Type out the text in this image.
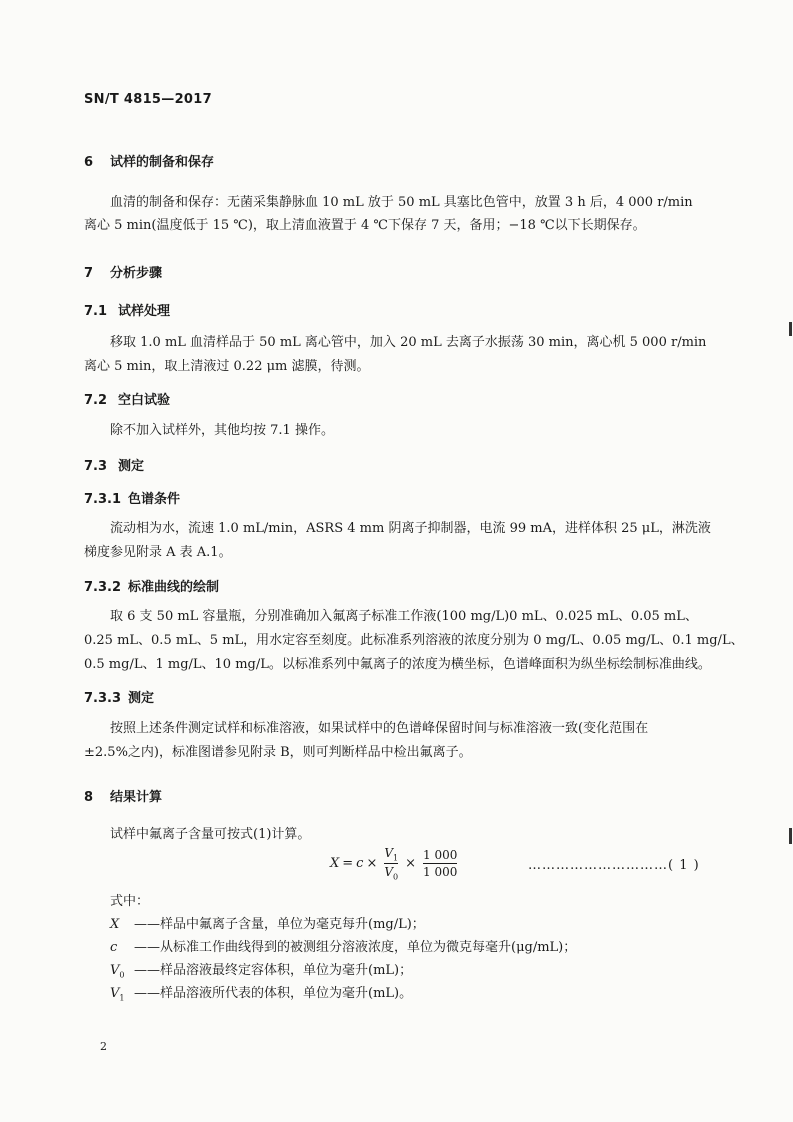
SN/T 4815—2017
6 试样的制备和保存
血清的制备和保存：无菌采集静脉血 10 mL 放于 50 mL 具塞比色管中，放置 3 h 后，4 000 r/min
离心 5 min(温度低于 15 ℃)，取上清血液置于 4 ℃下保存 7 天，备用；−18 ℃以下长期保存。
7 分析步骤
7.1 试样处理
移取 1.0 mL 血清样品于 50 mL 离心管中，加入 20 mL 去离子水振荡 30 min，离心机 5 000 r/min
离心 5 min，取上清液过 0.22 μm 滤膜，待测。
7.2 空白试验
除不加入试样外，其他均按 7.1 操作。
7.3 测定
7.3.1 色谱条件
流动相为水，流速 1.0 mL/min，ASRS 4 mm 阴离子抑制器，电流 99 mA，进样体积 25 μL，淋洗液
梯度参见附录 A 表 A.1。
7.3.2 标准曲线的绘制
取 6 支 50 mL 容量瓶，分别准确加入氟离子标准工作液(100 mg/L)0 mL、0.025 mL、0.05 mL、
0.25 mL、0.5 mL、5 mL，用水定容至刻度。此标准系列溶液的浓度分别为 0 mg/L、0.05 mg/L、0.1 mg/L、
0.5 mg/L、1 mg/L、10 mg/L。以标准系列中氟离子的浓度为横坐标，色谱峰面积为纵坐标绘制标准曲线。
7.3.3 测定
按照上述条件测定试样和标准溶液，如果试样中的色谱峰保留时间与标准溶液一致(变化范围在
±2.5%之内)，标准图谱参见附录 B，则可判断样品中检出氟离子。
8 结果计算
试样中氟离子含量可按式(1)计算。
$X = c \times \frac{V_1}{V_0} \times \frac{1 000}{1 000}$	…………………………( 1 )
式中：
X ——样品中氟离子含量，单位为毫克每升(mg/L)；
c ——从标准工作曲线得到的被测组分溶液浓度，单位为微克每毫升(μg/mL)；
$V_0$ ——样品溶液最终定容体积，单位为毫升(mL)；
$V_1$ ——样品溶液所代表的体积，单位为毫升(mL)。
2
